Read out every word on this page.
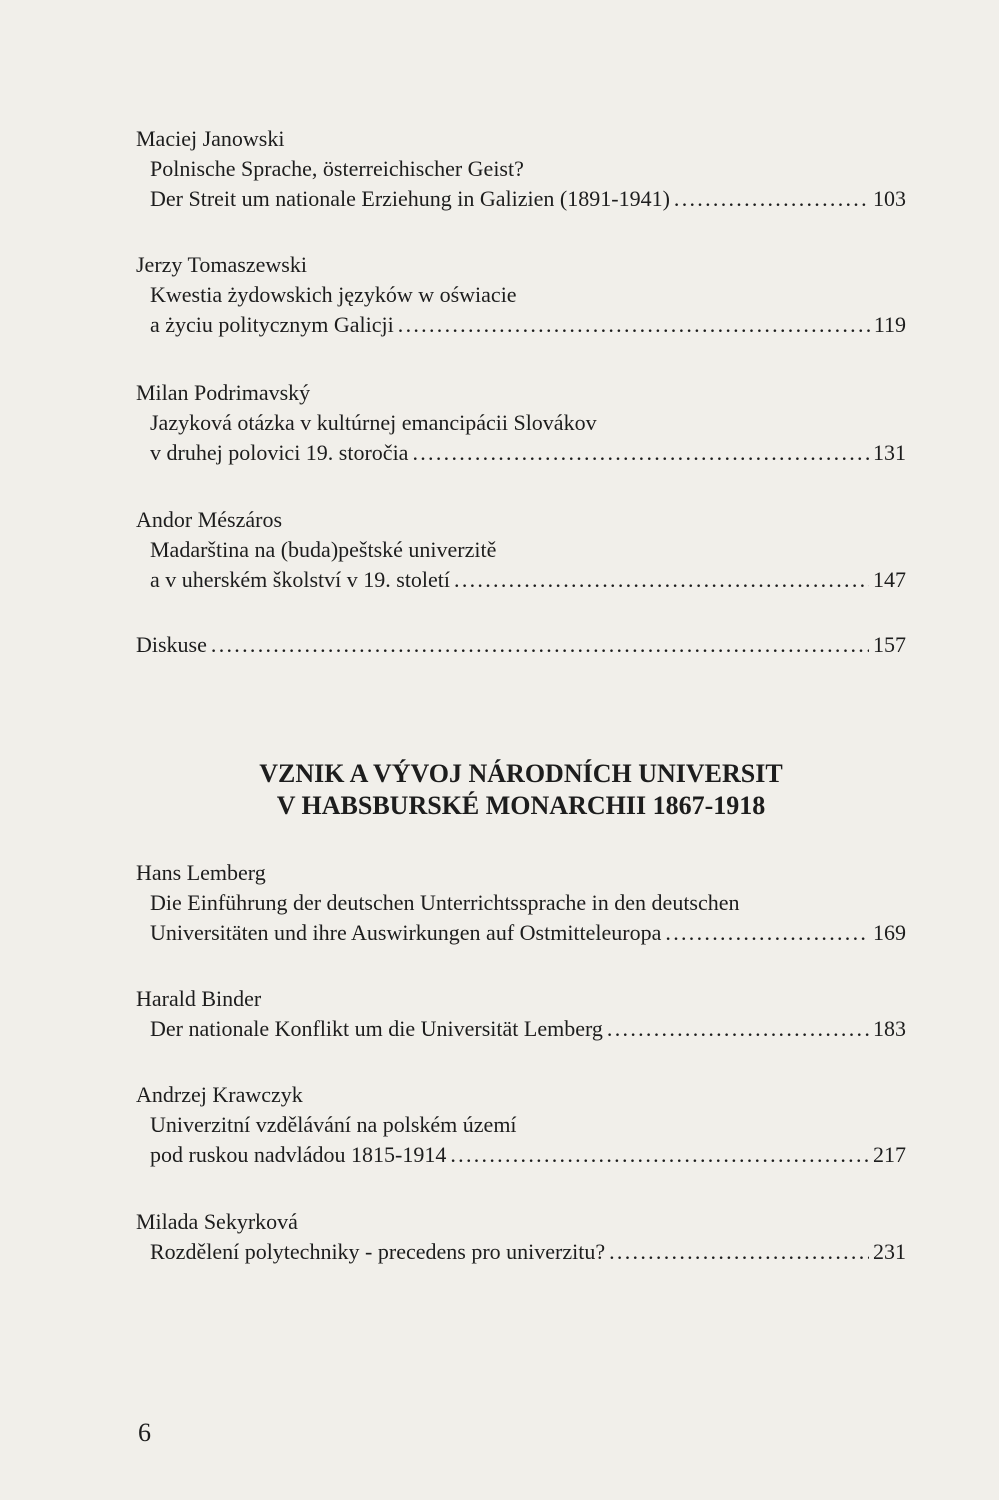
Maciej Janowski
Polnische Sprache, österreichischer Geist?
Der Streit um nationale Erziehung in Galizien (1891-1941) . . .	103
Jerzy Tomaszewski
Kwestia żydowskich języków w oświacie
a życiu politycznym Galicji . . .	119
Milan Podrimavský
Jazyková otázka v kultúrnej emancipácii Slovákov
v druhej polovici 19. storočia . . .	131
Andor Mészáros
Madarština na (buda)peštské univerzitě
a v uherském školství v 19. století . . .	147
Diskuse . . .	157
VZNIK A VÝVOJ NÁRODNÍCH UNIVERSIT
V HABSBURSKÉ MONARCHII 1867-1918
Hans Lemberg
Die Einführung der deutschen Unterrichtssprache in den deutschen
Universitäten und ihre Auswirkungen auf Ostmitteleuropa . . .	169
Harald Binder
Der nationale Konflikt um die Universität Lemberg . . .	183
Andrzej Krawczyk
Univerzitní vzdělávání na polském území
pod ruskou nadvládou 1815-1914 . . .	217
Milada Sekyrková
Rozdělení polytechniky - precedens pro univerzitu? . . .	231
6
